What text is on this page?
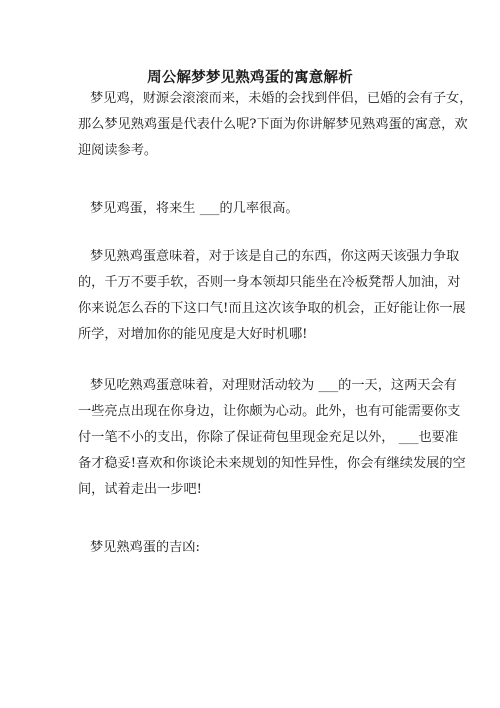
周公解梦梦见熟鸡蛋的寓意解析
梦见鸡，财源会滚滚而来，未婚的会找到伴侣，已婚的会有子女，
那么梦见熟鸡蛋是代表什么呢?下面为你讲解梦见熟鸡蛋的寓意，欢
迎阅读参考。
梦见鸡蛋，将来生 ___的几率很高。
梦见熟鸡蛋意味着，对于该是自己的东西，你这两天该强力争取
的，千万不要手软，否则一身本领却只能坐在冷板凳帮人加油，对
你来说怎么吞的下这口气!而且这次该争取的机会，正好能让你一展
所学，对增加你的能见度是大好时机哪!
梦见吃熟鸡蛋意味着，对理财活动较为 ___的一天，这两天会有
一些亮点出现在你身边，让你颇为心动。此外，也有可能需要你支
付一笔不小的支出，你除了保证荷包里现金充足以外， ___也要准
备才稳妥!喜欢和你谈论未来规划的知性异性，你会有继续发展的空
间，试着走出一步吧!
梦见熟鸡蛋的吉凶:
